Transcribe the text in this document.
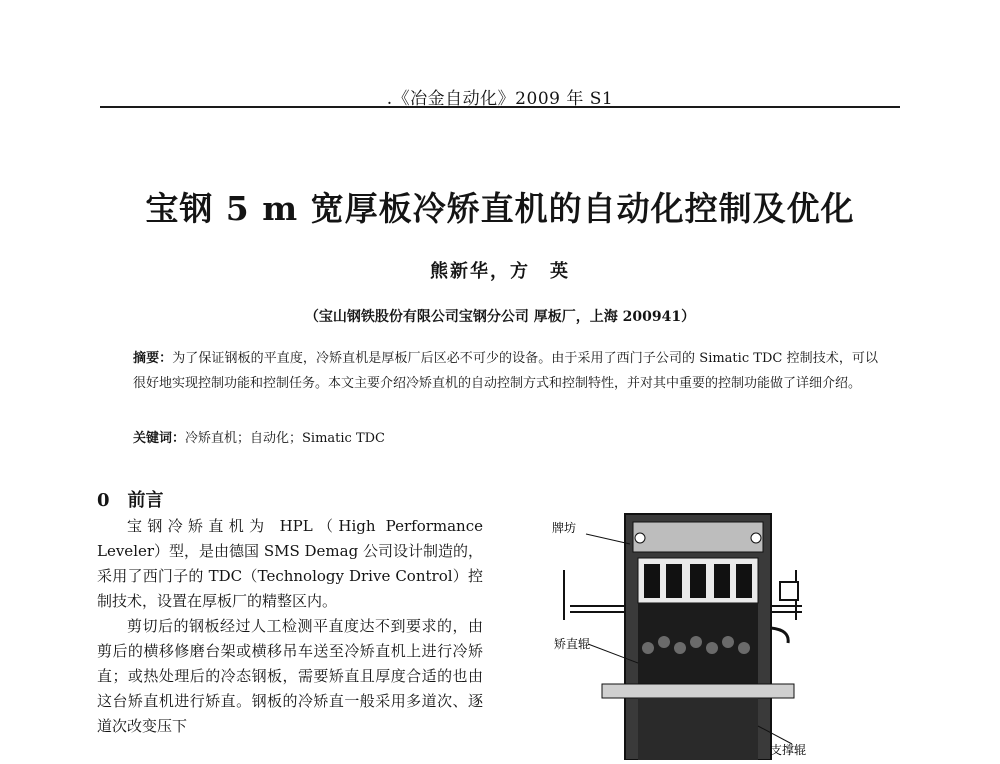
.《冶金自动化》2009 年 S1
宝钢 5 m 宽厚板冷矫直机的自动化控制及优化
熊新华，方　英
（宝山钢铁股份有限公司宝钢分公司 厚板厂，上海 200941）
摘要：为了保证钢板的平直度，冷矫直机是厚板厂后区必不可少的设备。由于采用了西门子公司的 Simatic TDC 控制技术，可以很好地实现控制功能和控制任务。本文主要介绍冷矫直机的自动控制方式和控制特性，并对其中重要的控制功能做了详细介绍。
关键词：冷矫直机；自动化；Simatic TDC
0　前言

宝钢冷矫直机为 HPL（High Performance Leveler）型，是由德国 SMS Demag 公司设计制造的，采用了西门子的 TDC（Technology Drive Control）控制技术，设置在厚板厂的精整区内。

剪切后的钢板经过人工检测平直度达不到要求的，由剪后的横移修磨台架或横移吊车送至冷矫直机上进行冷矫直；或热处理后的冷态钢板，需要矫直且厚度合适的也由这台矫直机进行矫直。钢板的冷矫直一般采用多道次、逐道次改变压下

牌坊
矫直辊
支撑辊
